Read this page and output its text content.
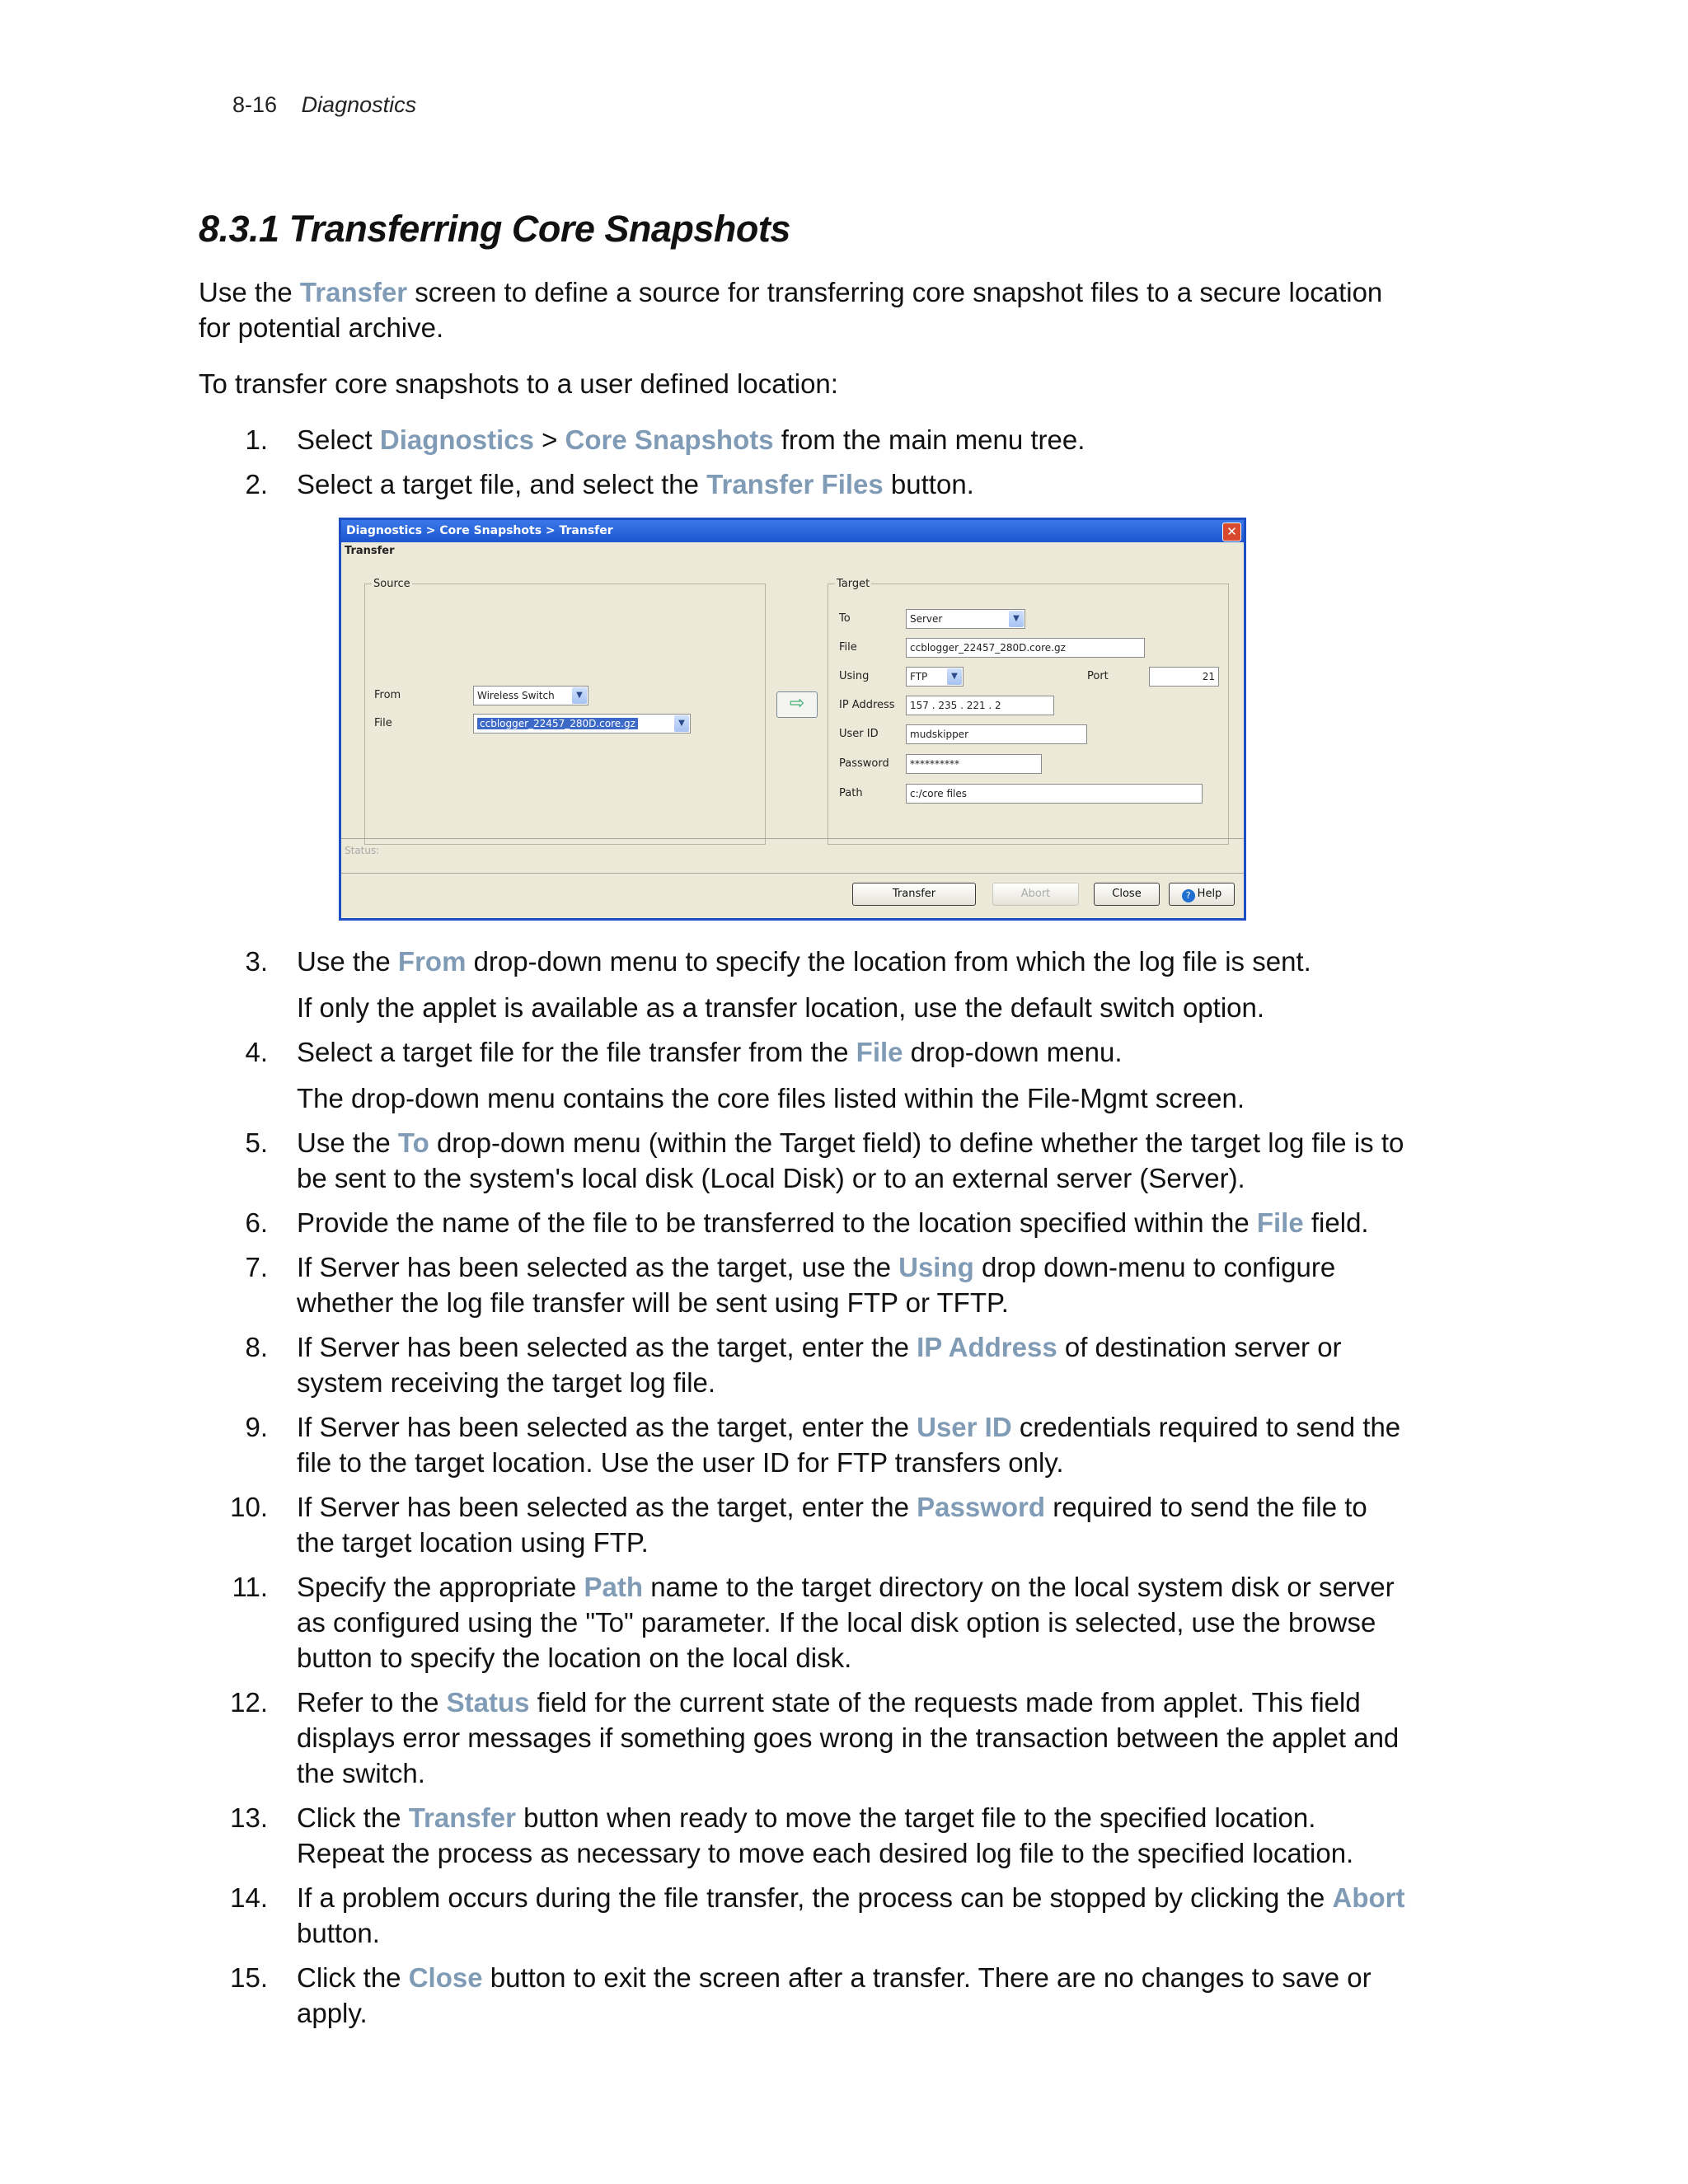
8-16 Diagnostics
8.3.1 Transferring Core Snapshots

Use the Transfer screen to define a source for transferring core snapshot files to a secure location for potential archive.

To transfer core snapshots to a user defined location:

1. Select Diagnostics > Core Snapshots from the main menu tree.
2. Select a target file, and select the Transfer Files button.
Diagnostics > Core Snapshots > Transfer	✕
Transfer
Source
From	Wireless Switch	▼
File	ccblogger_22457_280D.core.gz	▼
⇨
Target
To	Server	▼
File	ccblogger_22457_280D.core.gz
Using	FTP	▼	Port	21
IP Address	157 . 235 . 221 . 2
User ID	mudskipper
Password	**********
Path	c:/core files
Status:
Transfer	Abort	Close	? Help
3. Use the From drop-down menu to specify the location from which the log file is sent.
If only the applet is available as a transfer location, use the default switch option.
4. Select a target file for the file transfer from the File drop-down menu.
The drop-down menu contains the core files listed within the File-Mgmt screen.
5. Use the To drop-down menu (within the Target field) to define whether the target log file is to be sent to the system's local disk (Local Disk) or to an external server (Server).
6. Provide the name of the file to be transferred to the location specified within the File field.
7. If Server has been selected as the target, use the Using drop down-menu to configure whether the log file transfer will be sent using FTP or TFTP.
8. If Server has been selected as the target, enter the IP Address of destination server or system receiving the target log file.
9. If Server has been selected as the target, enter the User ID credentials required to send the file to the target location. Use the user ID for FTP transfers only.
10. If Server has been selected as the target, enter the Password required to send the file to the target location using FTP.
11. Specify the appropriate Path name to the target directory on the local system disk or server as configured using the "To" parameter. If the local disk option is selected, use the browse button to specify the location on the local disk.
12. Refer to the Status field for the current state of the requests made from applet. This field displays error messages if something goes wrong in the transaction between the applet and the switch.
13. Click the Transfer button when ready to move the target file to the specified location. Repeat the process as necessary to move each desired log file to the specified location.
14. If a problem occurs during the file transfer, the process can be stopped by clicking the Abort button.
15. Click the Close button to exit the screen after a transfer. There are no changes to save or apply.
